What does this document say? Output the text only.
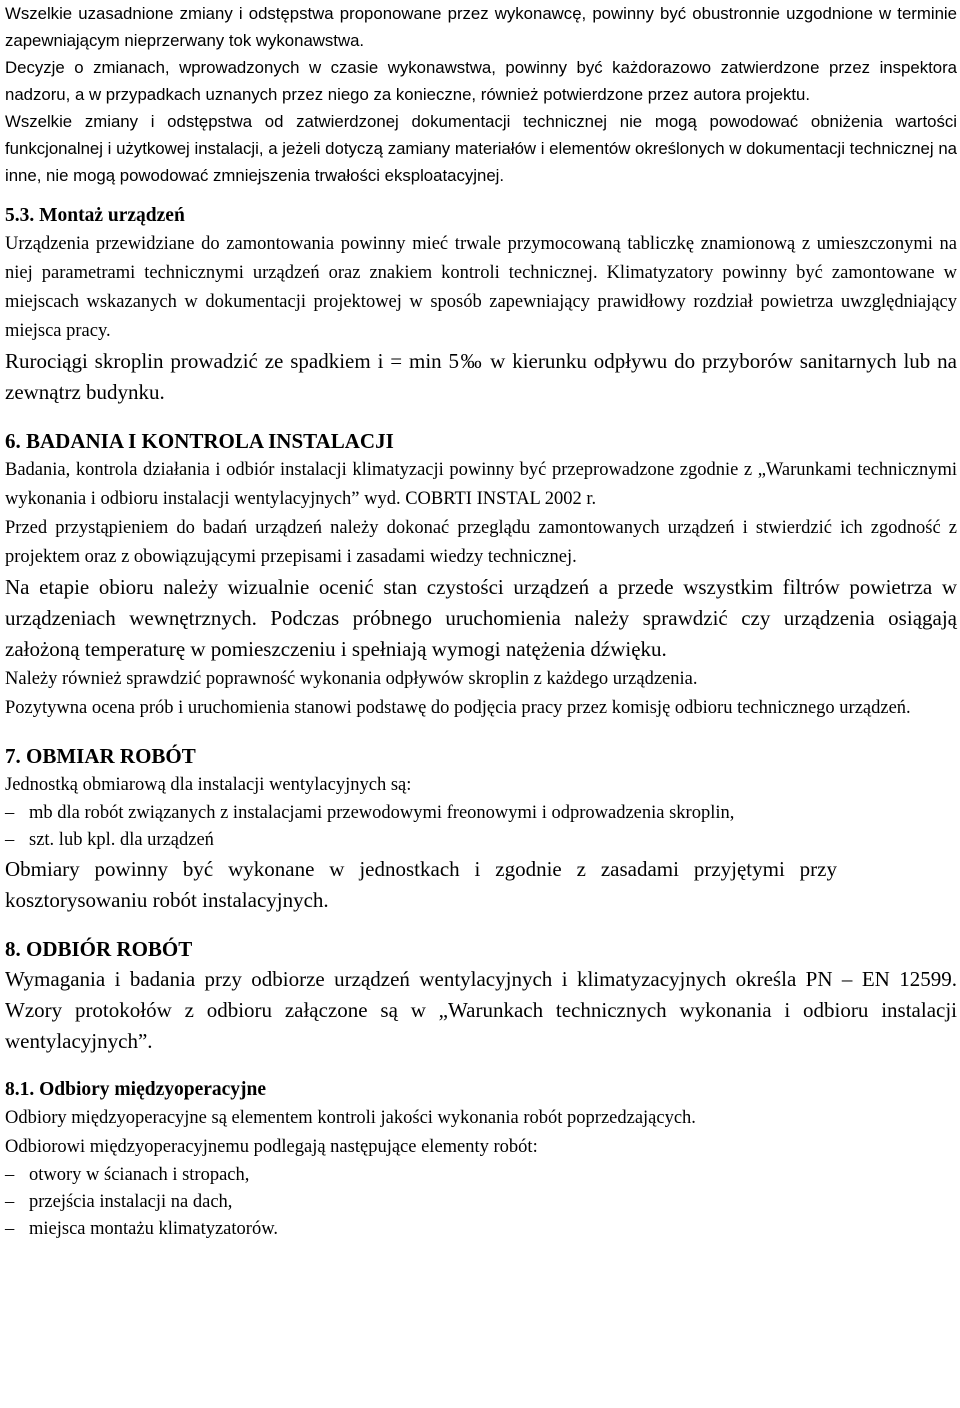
Wszelkie uzasadnione zmiany i odstępstwa proponowane przez wykonawcę, powinny być obustronnie uzgodnione w terminie zapewniającym nieprzerwany tok wykonawstwa.

Decyzje o zmianach, wprowadzonych w czasie wykonawstwa, powinny być każdorazowo zatwierdzone przez inspektora nadzoru, a w przypadkach uznanych przez niego za konieczne, również potwierdzone przez autora projektu.

Wszelkie zmiany i odstępstwa od zatwierdzonej dokumentacji technicznej nie mogą powodować obniżenia wartości funkcjonalnej i użytkowej instalacji, a jeżeli dotyczą zamiany materiałów i elementów określonych w dokumentacji technicznej na inne, nie mogą powodować zmniejszenia trwałości eksploatacyjnej.

5.3. Montaż urządzeń

Urządzenia przewidziane do zamontowania powinny mieć trwale przymocowaną tabliczkę znamionową z umieszczonymi na niej parametrami technicznymi urządzeń oraz znakiem kontroli technicznej. Klimatyzatory powinny być zamontowane w miejscach wskazanych w dokumentacji projektowej w sposób zapewniający prawidłowy rozdział powietrza uwzględniający miejsca pracy.

Rurociągi skroplin prowadzić ze spadkiem i = min 5‰ w kierunku odpływu do przyborów sanitarnych lub na zewnątrz budynku.

6. BADANIA I KONTROLA INSTALACJI

Badania, kontrola działania i odbiór instalacji klimatyzacji powinny być przeprowadzone zgodnie z „Warunkami technicznymi wykonania i odbioru instalacji wentylacyjnych” wyd. COBRTI INSTAL 2002 r.

Przed przystąpieniem do badań urządzeń należy dokonać przeglądu zamontowanych urządzeń i stwierdzić ich zgodność z projektem oraz z obowiązującymi przepisami i zasadami wiedzy technicznej.

Na etapie obioru należy wizualnie ocenić stan czystości urządzeń a przede wszystkim filtrów powietrza w urządzeniach wewnętrznych. Podczas próbnego uruchomienia należy sprawdzić czy urządzenia osiągają założoną temperaturę w pomieszczeniu i spełniają wymogi natężenia dźwięku.

Należy również sprawdzić poprawność wykonania odpływów skroplin z każdego urządzenia.

Pozytywna ocena prób i uruchomienia stanowi podstawę do podjęcia pracy przez komisję odbioru technicznego urządzeń.

7. OBMIAR ROBÓT

Jednostką obmiarową dla instalacji wentylacyjnych są:

– mb dla robót związanych z instalacjami przewodowymi freonowymi i odprowadzenia skroplin,
– szt. lub kpl. dla urządzeń

Obmiary powinny być wykonane w jednostkach i zgodnie z zasadami przyjętymi przy kosztorysowaniu robót instalacyjnych.

8. ODBIÓR ROBÓT

Wymagania i badania przy odbiorze urządzeń wentylacyjnych i klimatyzacyjnych określa PN – EN 12599. Wzory protokołów z odbioru załączone są w „Warunkach technicznych wykonania i odbioru instalacji wentylacyjnych”.

8.1. Odbiory międzyoperacyjne

Odbiory międzyoperacyjne są elementem kontroli jakości wykonania robót poprzedzających.

Odbiorowi międzyoperacyjnemu podlegają następujące elementy robót:

– otwory w ścianach i stropach,
– przejścia instalacji na dach,
– miejsca montażu klimatyzatorów.
